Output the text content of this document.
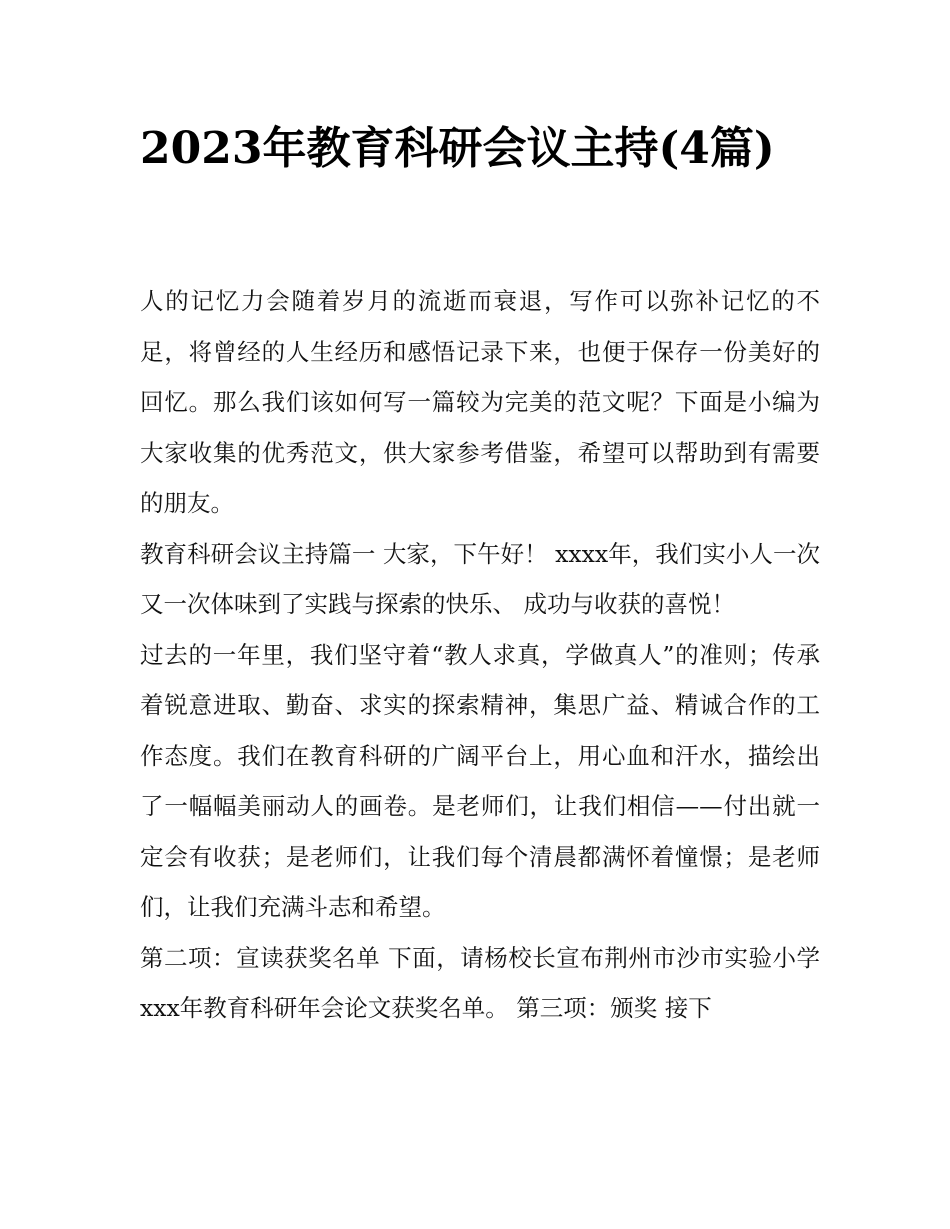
2023年教育科研会议主持(4篇)

人的记忆力会随着岁月的流逝而衰退，写作可以弥补记忆的不足，将曾经的人生经历和感悟记录下来，也便于保存一份美好的回忆。那么我们该如何写一篇较为完美的范文呢？下面是小编为大家收集的优秀范文，供大家参考借鉴，希望可以帮助到有需要的朋友。

教育科研会议主持篇一 大家，下午好！ xxxx年，我们实小人一次又一次体味到了实践与探索的快乐、 成功与收获的喜悦！

过去的一年里，我们坚守着“教人求真，学做真人”的准则；传承着锐意进取、勤奋、求实的探索精神，集思广益、精诚合作的工作态度。我们在教育科研的广阔平台上，用心血和汗水，描绘出了一幅幅美丽动人的画卷。是老师们，让我们相信——付出就一定会有收获；是老师们，让我们每个清晨都满怀着憧憬；是老师们，让我们充满斗志和希望。

第二项：宣读获奖名单 下面，请杨校长宣布荆州市沙市实验小学xxx年教育科研年会论文获奖名单。 第三项：颁奖 接下
